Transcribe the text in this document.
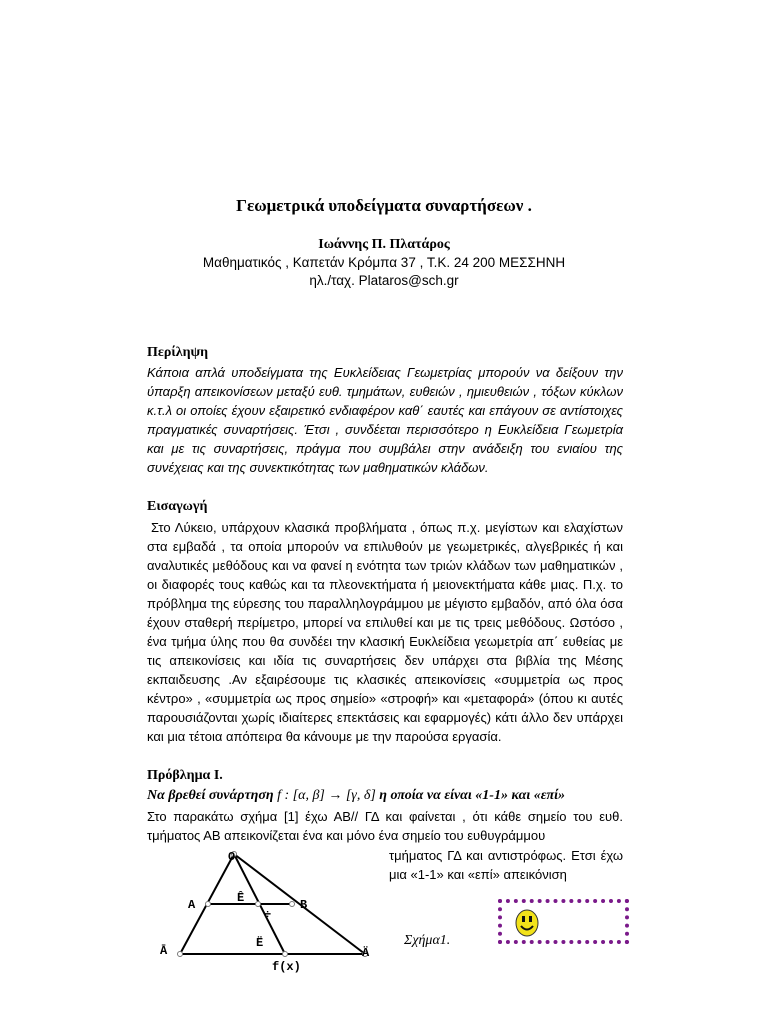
Γεωμετρικά υποδείγματα συναρτήσεων .
Ιωάννης Π. Πλατάρος
Μαθηματικός , Καπετάν Κρόμπα 37 , Τ.Κ. 24 200 ΜΕΣΣΗΝΗ
ηλ./ταχ. Plataros@sch.gr
Περίληψη
Κάποια απλά υποδείγματα της Ευκλείδειας Γεωμετρίας μπορούν να δείξουν την ύπαρξη απεικονίσεων μεταξύ ευθ. τμημάτων, ευθειών , ημιευθειών , τόξων κύκλων κ.τ.λ οι οποίες έχουν εξαιρετικό ενδιαφέρον καθ΄ εαυτές και επάγουν σε αντίστοιχες πραγματικές συναρτήσεις. Έτσι , συνδέεται περισσότερο η Ευκλείδεια Γεωμετρία και με τις συναρτήσεις, πράγμα που συμβάλει στην ανάδειξη του ενιαίου της συνέχειας και της συνεκτικότητας των μαθηματικών κλάδων.
Εισαγωγή
Στο Λύκειο, υπάρχουν κλασικά προβλήματα , όπως π.χ. μεγίστων και ελαχίστων στα εμβαδά , τα οποία μπορούν να επιλυθούν με γεωμετρικές, αλγεβρικές ή και αναλυτικές μεθόδους και να φανεί η ενότητα των τριών κλάδων των μαθηματικών , οι διαφορές τους καθώς και τα πλεονεκτήματα ή μειονεκτήματα κάθε μιας. Π.χ. το πρόβλημα της εύρεσης του παραλληλογράμμου με μέγιστο εμβαδόν, από όλα όσα έχουν σταθερή περίμετρο, μπορεί να επιλυθεί και με τις τρεις μεθόδους. Ωστόσο , ένα τμήμα ύλης που θα συνδέει την κλασική Ευκλείδεια γεωμετρία απ΄ ευθείας με τις απεικονίσεις και ιδία τις συναρτήσεις δεν υπάρχει στα βιβλία της Μέσης εκπαιδευσης .Αν εξαιρέσουμε τις κλασικές απεικονίσεις «συμμετρία ως προς κέντρο» , «συμμετρία ως προς σημείο» «στροφή» και «μεταφορά» (όπου κι αυτές παρουσιάζονται χωρίς ιδιαίτερες επεκτάσεις και εφαρμογές) κάτι άλλο δεν υπάρχει και μια τέτοια απόπειρα θα κάνουμε με την παρούσα εργασία.
Πρόβλημα Ι.
Να βρεθεί συνάρτηση f : [α, β] → [γ, δ] η οποία να είναι «1-1» και «επί»
Στο παρακάτω σχήμα [1] έχω ΑΒ// ΓΔ και φαίνεται , ότι κάθε σημείο του ευθ. τμήματος ΑΒ απεικονίζεται ένα και μόνο ένα σημείο του ευθυγράμμου
τμήματος ΓΔ και αντιστρόφως. Ετσι έχω μια «1-1» και «επί» απεικόνιση
O
A	B
Ê
÷
Ë
Ā	Ä
f(x)
Σχήμα1.
